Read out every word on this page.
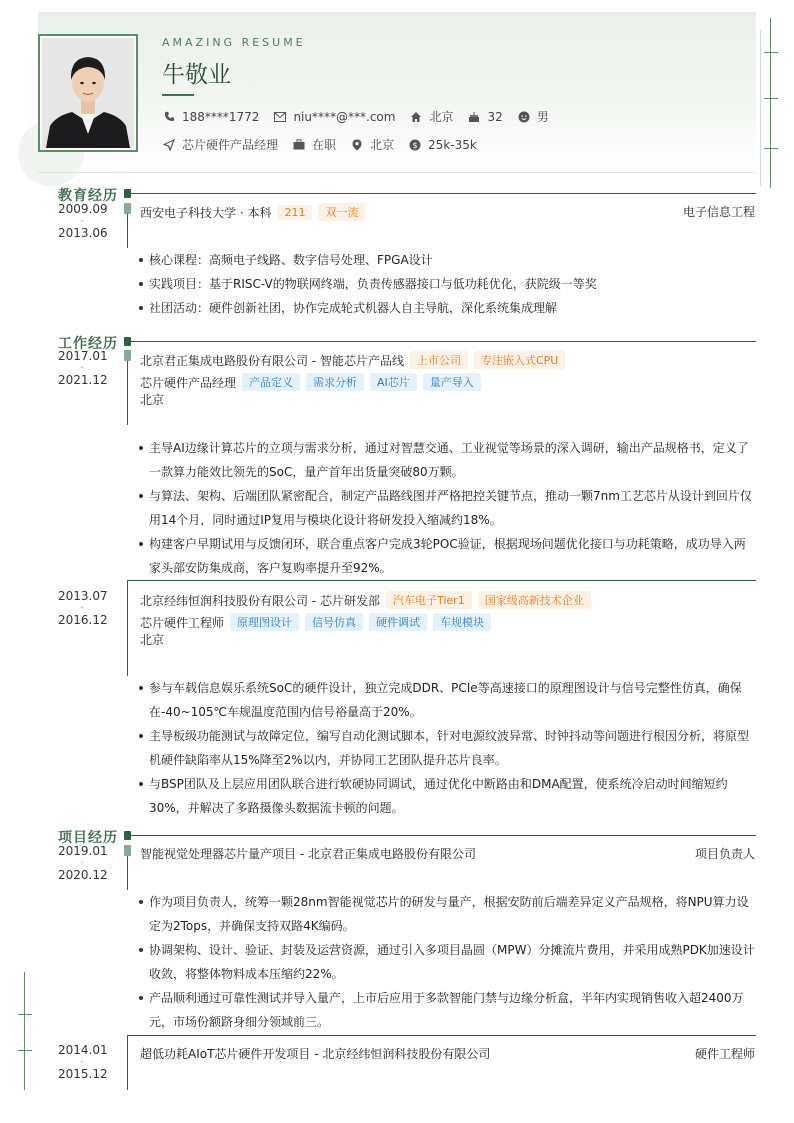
AMAZING RESUME
牛敬业
188****1772	niu****@***.com	北京	32	男
芯片硬件产品经理	在职	北京 $ 25k-35k
教育经历
2009.09
-
2013.06
西安电子科技大学 · 本科	211	双一流	电子信息工程
核心课程：高频电子线路、数字信号处理、FPGA设计
实践项目：基于RISC-V的物联网终端，负责传感器接口与低功耗优化，获院级一等奖
社团活动：硬件创新社团，协作完成轮式机器人自主导航，深化系统集成理解
工作经历
2017.01
-
2021.12
北京君正集成电路股份有限公司 - 智能芯片产品线	上市公司	专注嵌入式CPU
芯片硬件产品经理	产品定义	需求分析	AI芯片	量产导入
北京
主导AI边缘计算芯片的立项与需求分析，通过对智慧交通、工业视觉等场景的深入调研，输出产品规格书，定义了一款算力能效比领先的SoC，量产首年出货量突破80万颗。
与算法、架构、后端团队紧密配合，制定产品路线图并严格把控关键节点，推动一颗7nm工艺芯片从设计到回片仅用14个月，同时通过IP复用与模块化设计将研发投入缩减约18%。
构建客户早期试用与反馈闭环，联合重点客户完成3轮POC验证，根据现场问题优化接口与功耗策略，成功导入两家头部安防集成商，客户复购率提升至92%。
2013.07
-
2016.12
北京经纬恒润科技股份有限公司 - 芯片研发部	汽车电子Tier1	国家级高新技术企业
芯片硬件工程师	原理图设计	信号仿真	硬件调试	车规模块
北京
参与车载信息娱乐系统SoC的硬件设计，独立完成DDR、PCIe等高速接口的原理图设计与信号完整性仿真，确保在-40~105℃车规温度范围内信号裕量高于20%。
主导板级功能测试与故障定位，编写自动化测试脚本，针对电源纹波异常、时钟抖动等问题进行根因分析，将原型机硬件缺陷率从15%降至2%以内，并协同工艺团队提升芯片良率。
与BSP团队及上层应用团队联合进行软硬协同调试，通过优化中断路由和DMA配置，使系统冷启动时间缩短约30%，并解决了多路摄像头数据流卡顿的问题。
项目经历
2019.01
-
2020.12
智能视觉处理器芯片量产项目 - 北京君正集成电路股份有限公司	项目负责人
作为项目负责人，统筹一颗28nm智能视觉芯片的研发与量产，根据安防前后端差异定义产品规格，将NPU算力设定为2Tops，并确保支持双路4K编码。
协调架构、设计、验证、封装及运营资源，通过引入多项目晶圆（MPW）分摊流片费用，并采用成熟PDK加速设计收敛，将整体物料成本压缩约22%。
产品顺利通过可靠性测试并导入量产，上市后应用于多款智能门禁与边缘分析盒，半年内实现销售收入超2400万元，市场份额跻身细分领域前三。
2014.01
-
2015.12
超低功耗AIoT芯片硬件开发项目 - 北京经纬恒润科技股份有限公司	硬件工程师
